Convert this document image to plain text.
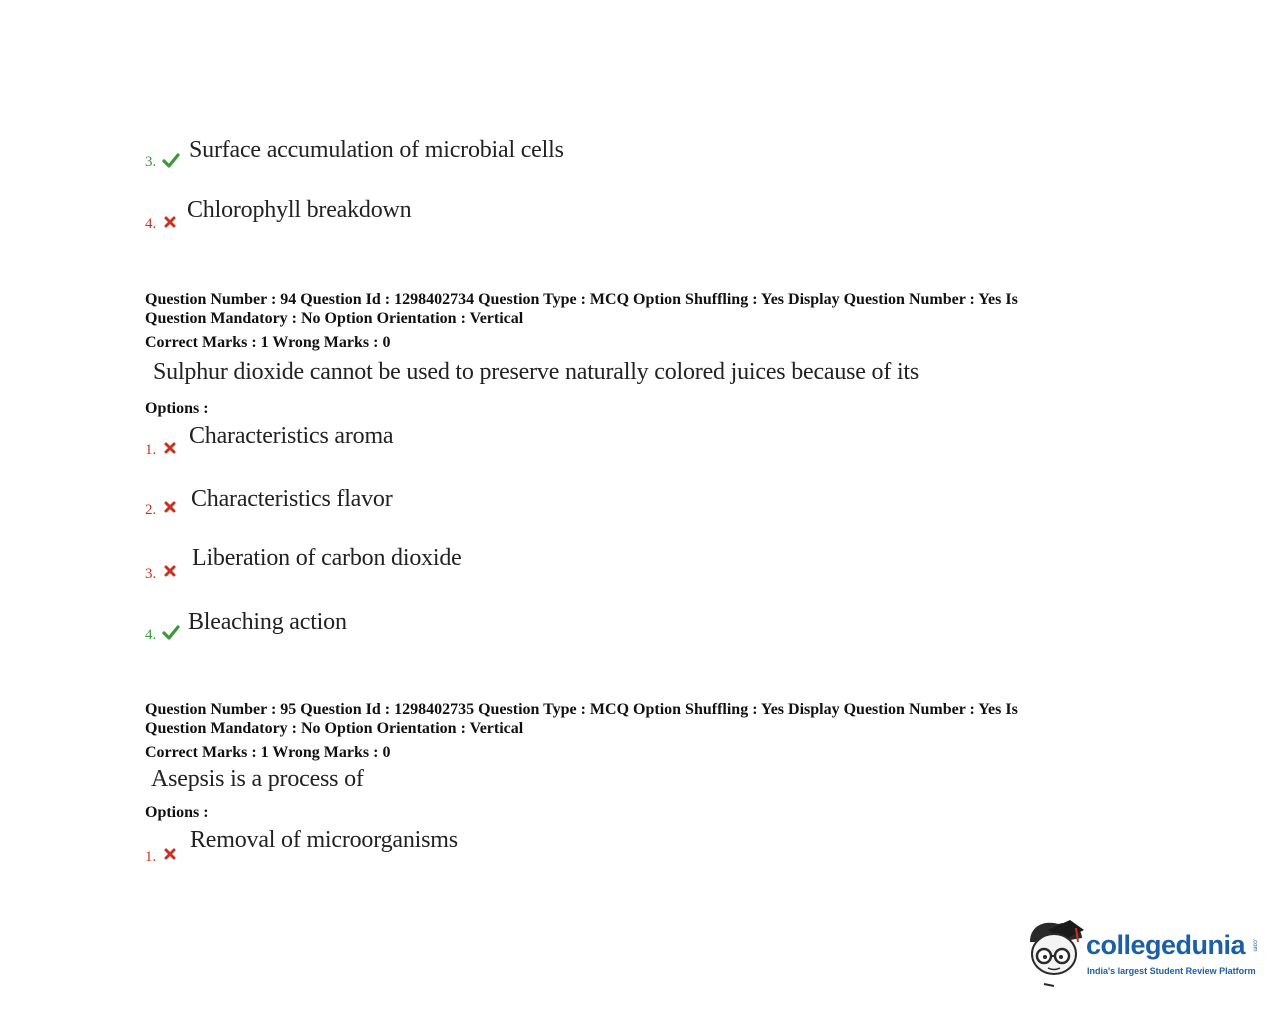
3. Surface accumulation of microbial cells
4.
Chlorophyll breakdown
Question Number : 94 Question Id : 1298402734 Question Type : MCQ Option Shuffling : Yes Display Question Number : Yes Is
Question Mandatory : No Option Orientation : Vertical
Correct Marks : 1 Wrong Marks : 0
Sulphur dioxide cannot be used to preserve naturally colored juices because of its
Options :
1.
Characteristics aroma
2. Characteristics flavor
3.
Liberation of carbon dioxide
4. Bleaching action
Question Number : 95 Question Id : 1298402735 Question Type : MCQ Option Shuffling : Yes Display Question Number : Yes Is
Question Mandatory : No Option Orientation : Vertical
Correct Marks : 1 Wrong Marks : 0
Asepsis is a process of
Options :
1.
Removal of microorganisms
collegedunia .com
India's largest Student Review Platform
